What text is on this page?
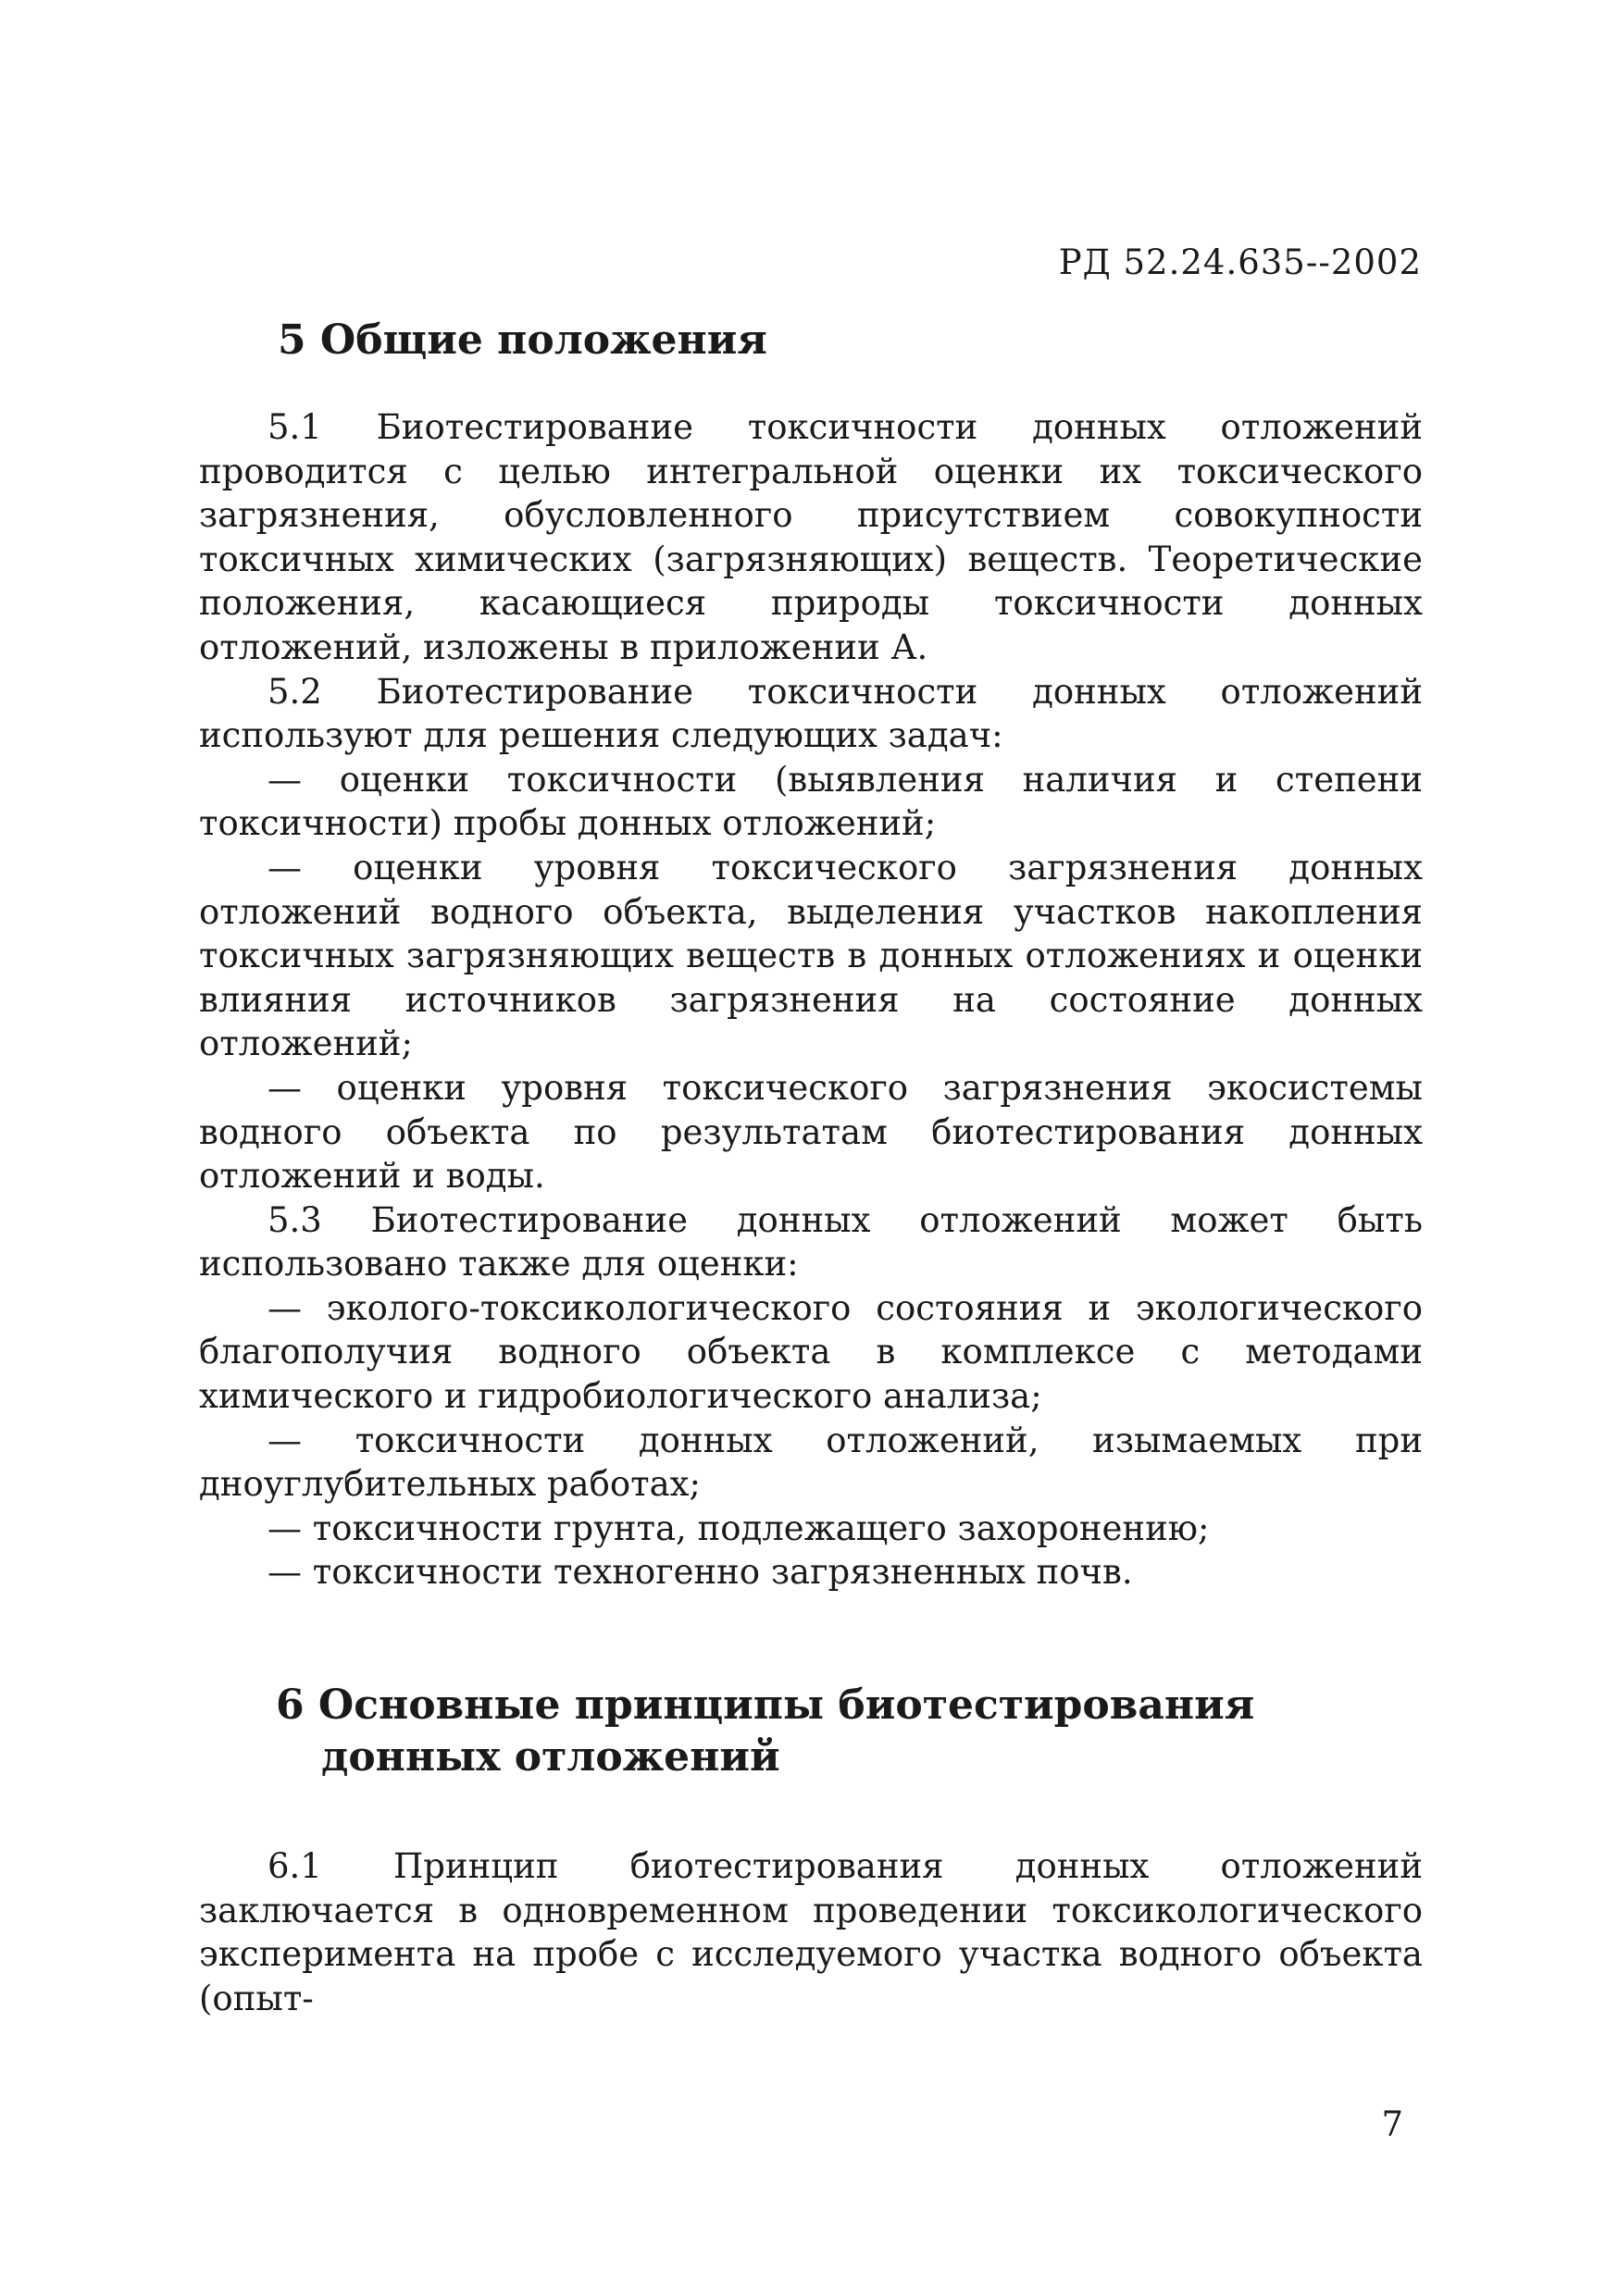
РД 52.24.635--2002
5 Общие положения

5.1 Биотестирование токсичности донных отложений проводится с целью интегральной оценки их токсического загрязнения, обусловленного присутствием совокупности токсичных химических (загрязняющих) веществ. Теоретические положения, касающиеся природы токсичности донных отложений, изложены в приложении А.

5.2 Биотестирование токсичности донных отложений используют для решения следующих задач:

— оценки токсичности (выявления наличия и степени токсичности) пробы донных отложений;

— оценки уровня токсического загрязнения донных отложений водного объекта, выделения участков накопления токсичных загрязняющих веществ в донных отложениях и оценки влияния источников загрязнения на состояние донных отложений;

— оценки уровня токсического загрязнения экосистемы водного объекта по результатам биотестирования донных отложений и воды.

5.3 Биотестирование донных отложений может быть использовано также для оценки:

— эколого-токсикологического состояния и экологического благополучия водного объекта в комплексе с методами химического и гидробиологического анализа;

— токсичности донных отложений, изымаемых при дноуглубительных работах;

— токсичности грунта, подлежащего захоронению;

— токсичности техногенно загрязненных почв.

6 Основные принципы биотестирования
донных отложений

6.1 Принцип биотестирования донных отложений заключается в одновременном проведении токсикологического эксперимента на пробе с исследуемого участка водного объекта (опыт-

7
